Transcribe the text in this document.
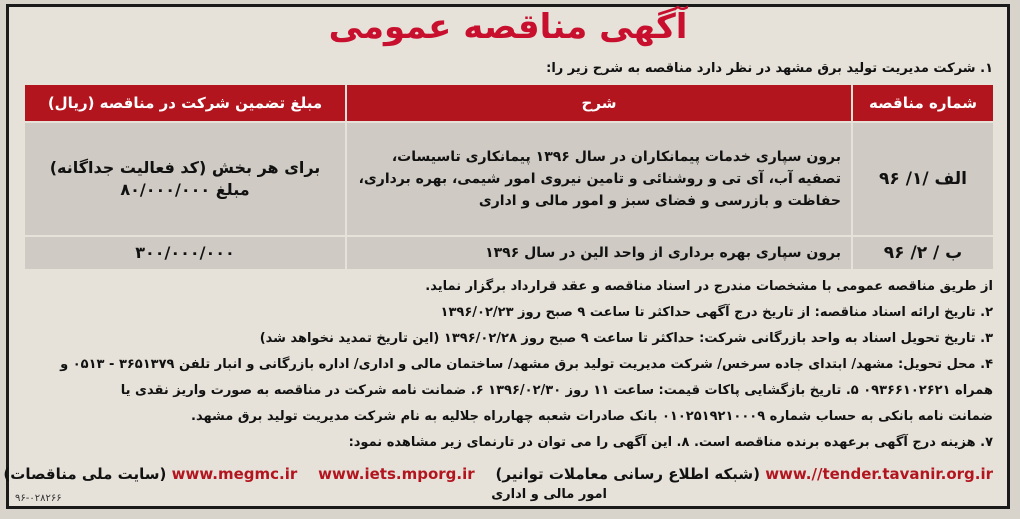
آگهی مناقصه عمومی
۱. شرکت مدیریت تولید برق مشهد در نظر دارد مناقصه به شرح زیر را:
شماره مناقصه	شرح	مبلغ تضمین شرکت در مناقصه (ریال)
الف /۱/ ۹۶	برون سپاری خدمات پیمانکاران در سال ۱۳۹۶ پیمانکاری تاسیسات، تصفیه آب، آی تی و روشنائی و تامین نیروی امور شیمی، بهره برداری، حفاظت و بازرسی و فضای سبز و امور مالی و اداری	برای هر بخش (کد فعالیت جداگانه)
مبلغ ۸۰/۰۰۰/۰۰۰

ب / ۲/ ۹۶	برون سپاری بهره برداری از واحد الین در سال ۱۳۹۶	۳۰۰/۰۰۰/۰۰۰
از طریق مناقصه عمومی با مشخصات مندرج در اسناد مناقصه و عقد قرارداد برگزار نماید.
۲. تاریخ ارائه اسناد مناقصه: از تاریخ درج آگهی حداکثر تا ساعت ۹ صبح روز ۱۳۹۶/۰۲/۲۳
۳. تاریخ تحویل اسناد به واحد بازرگانی شرکت: حداکثر تا ساعت ۹ صبح روز ۱۳۹۶/۰۲/۲۸ (این تاریخ تمدید نخواهد شد)
۴. محل تحویل: مشهد/ ابتدای جاده سرخس/ شرکت مدیریت تولید برق مشهد/ ساختمان مالی و اداری/ اداره بازرگانی و انبار تلفن ۳۶۵۱۳۷۹ - ۰۵۱۳ و
همراه ۰۹۳۶۶۱۰۲۶۲۱ ۵. تاریخ بازگشایی پاکات قیمت: ساعت ۱۱ روز ۱۳۹۶/۰۲/۳۰ ۶. ضمانت نامه شرکت در مناقصه به صورت واریز نقدی یا
ضمانت نامه بانکی به حساب شماره ۰۱۰۲۵۱۹۲۱۰۰۰۹ بانک صادرات شعبه چهارراه جلالیه به نام شرکت مدیریت تولید برق مشهد.
۷. هزینه درج آگهی برعهده برنده مناقصه است. ۸. این آگهی را می توان در تارنمای زیر مشاهده نمود:
www.//tender.tavanir.org.ir (شبکه اطلاع رسانی معاملات توانیر)    www.megmc.ir www.iets.mporg.ir (سایت ملی مناقصات)
امور مالی و اداری
۹۶-۰۲۸۲۶۶
